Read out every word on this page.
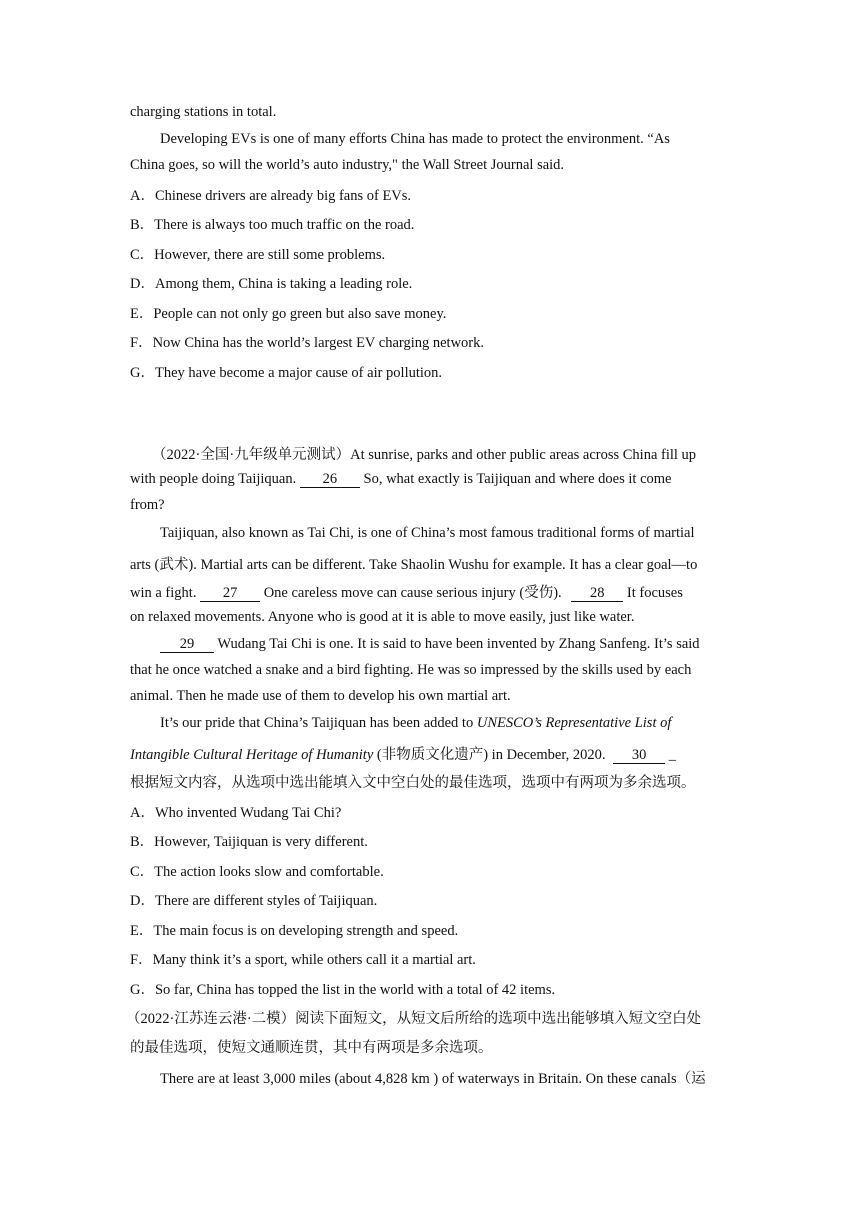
charging stations in total.
Developing EVs is one of many efforts China has made to protect the environment. “As
China goes, so will the world’s auto industry," the Wall Street Journal said.
A．Chinese drivers are already big fans of EVs.
B．There is always too much traffic on the road.
C．However, there are still some problems.
D．Among them, China is taking a leading role.
E．People can not only go green but also save money.
F．Now China has the world’s largest EV charging network.
G．They have become a major cause of air pollution.
（2022·全国·九年级单元测试）At sunrise, parks and other public areas across China fill up
with people doing Taijiquan. 26 So, what exactly is Taijiquan and where does it come
from?
Taijiquan, also known as Tai Chi, is one of China’s most famous traditional forms of martial
arts (武术). Martial arts can be different. Take Shaolin Wushu for example. It has a clear goal—to
win a fight. 27 One careless move can cause serious injury (受伤). 28 It focuses
on relaxed movements. Anyone who is good at it is able to move easily, just like water.
29 Wudang Tai Chi is one. It is said to have been invented by Zhang Sanfeng. It’s said
that he once watched a snake and a bird fighting. He was so impressed by the skills used by each
animal. Then he made use of them to develop his own martial art.
It’s our pride that China’s Taijiquan has been added to UNESCO’s Representative List of
Intangible Cultural Heritage of Humanity (非物质文化遗产) in December, 2020. 30 _
根据短文内容，从选项中选出能填入文中空白处的最佳选项，选项中有两项为多余选项。
A．Who invented Wudang Tai Chi?
B．However, Taijiquan is very different.
C．The action looks slow and comfortable.
D．There are different styles of Taijiquan.
E．The main focus is on developing strength and speed.
F．Many think it’s a sport, while others call it a martial art.
G．So far, China has topped the list in the world with a total of 42 items.
（2022·江苏连云港·二模）阅读下面短文，从短文后所给的选项中选出能够填入短文空白处
的最佳选项，使短文通顺连贯，其中有两项是多余选项。
There are at least 3,000 miles (about 4,828 km ) of waterways in Britain. On these canals（运
